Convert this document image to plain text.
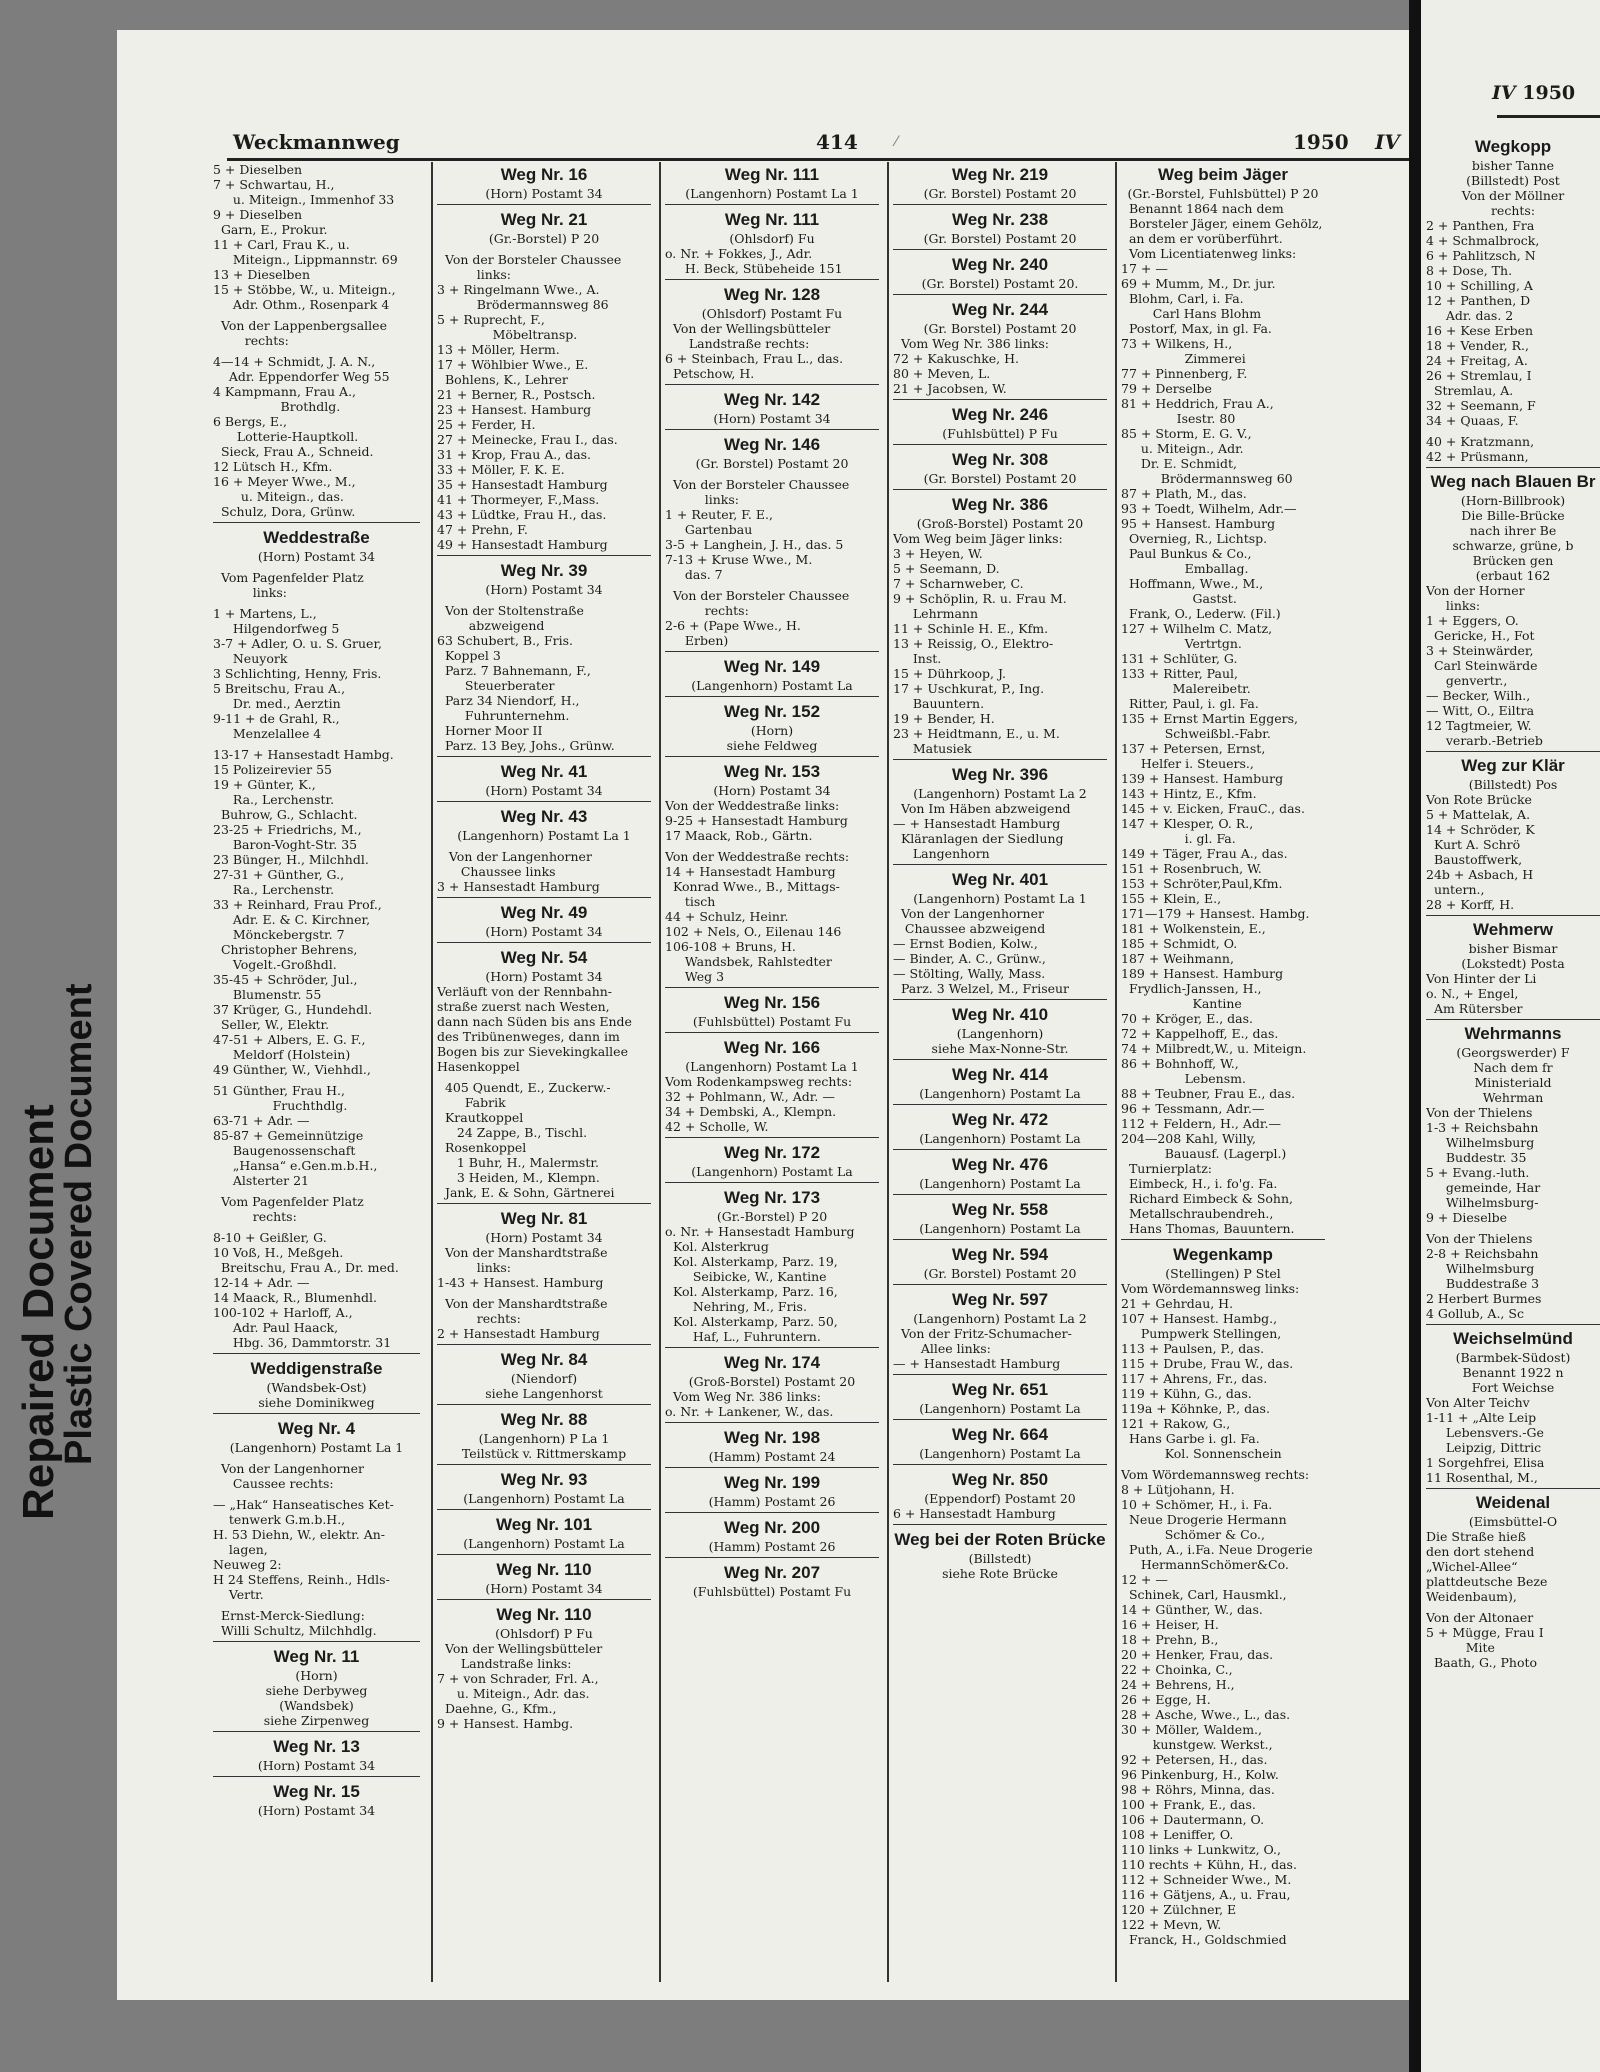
Repaired Document
Plastic Covered Document
Weckmannweg	414	1950 IV
⁄
5 + Dieselben
7 + Schwartau, H.,
u. Miteign., Immenhof 33
9 + Dieselben
Garn, E., Prokur.
11 + Carl, Frau K., u.
Miteign., Lippmannstr. 69
13 + Dieselben
15 + Stöbbe, W., u. Miteign.,
Adr. Othm., Rosenpark 4
Von der Lappenbergsallee
rechts:
4—14 + Schmidt, J. A. N.,
Adr. Eppendorfer Weg 55
4 Kampmann, Frau A.,
Brothdlg.
6 Bergs, E.,
Lotterie-Hauptkoll.
Sieck, Frau A., Schneid.
12 Lütsch H., Kfm.
16 + Meyer Wwe., M.,
u. Miteign., das.
Schulz, Dora, Grünw.
Weddestraße
(Horn) Postamt 34
Vom Pagenfelder Platz
links:
1 + Martens, L.,
Hilgendorfweg 5
3-7 + Adler, O. u. S. Gruer,
Neuyork
3 Schlichting, Henny, Fris.
5 Breitschu, Frau A.,
Dr. med., Aerztin
9-11 + de Grahl, R.,
Menzelallee 4
13-17 + Hansestadt Hambg.
15 Polizeirevier 55
19 + Günter, K.,
Ra., Lerchenstr.
Buhrow, G., Schlacht.
23-25 + Friedrichs, M.,
Baron-Voght-Str. 35
23 Bünger, H., Milchhdl.
27-31 + Günther, G.,
Ra., Lerchenstr.
33 + Reinhard, Frau Prof.,
Adr. E. & C. Kirchner,
Mönckebergstr. 7
Christopher Behrens,
Vogelt.-Großhdl.
35-45 + Schröder, Jul.,
Blumenstr. 55
37 Krüger, G., Hundehdl.
Seller, W., Elektr.
47-51 + Albers, E. G. F.,
Meldorf (Holstein)
49 Günther, W., Viehhdl.,
51 Günther, Frau H.,
Fruchthdlg.
63-71 + Adr. —
85-87 + Gemeinnützige
Baugenossenschaft
„Hansa“ e.Gen.m.b.H.,
Alsterter 21
Vom Pagenfelder Platz
rechts:
8-10 + Geißler, G.
10 Voß, H., Meßgeh.
Breitschu, Frau A., Dr. med.
12-14 + Adr. —
14 Maack, R., Blumenhdl.
100-102 + Harloff, A.,
Adr. Paul Haack,
Hbg. 36, Dammtorstr. 31
Weddigenstraße
(Wandsbek-Ost)
siehe Dominikweg
Weg Nr. 4
(Langenhorn) Postamt La 1
Von der Langenhorner
Caussee rechts:
— „Hak“ Hanseatisches Ket-
tenwerk G.m.b.H.,
H. 53 Diehn, W., elektr. An-
lagen,
Neuweg 2:
H 24 Steffens, Reinh., Hdls-
Vertr.
Ernst-Merck-Siedlung:
Willi Schultz, Milchhdlg.
Weg Nr. 11
(Horn)
siehe Derbyweg
(Wandsbek)
siehe Zirpenweg
Weg Nr. 13
(Horn) Postamt 34
Weg Nr. 15
(Horn) Postamt 34
Weg Nr. 16
(Horn) Postamt 34
Weg Nr. 21
(Gr.-Borstel) P 20
Von der Borsteler Chaussee
links:
3 + Ringelmann Wwe., A.
Brödermannsweg 86
5 + Ruprecht, F.,
Möbeltransp.
13 + Möller, Herm.
17 + Wöhlbier Wwe., E.
Bohlens, K., Lehrer
21 + Berner, R., Postsch.
23 + Hansest. Hamburg
25 + Ferder, H.
27 + Meinecke, Frau I., das.
31 + Krop, Frau A., das.
33 + Möller, F. K. E.
35 + Hansestadt Hamburg
41 + Thormeyer, F.,Mass.
43 + Lüdtke, Frau H., das.
47 + Prehn, F.
49 + Hansestadt Hamburg
Weg Nr. 39
(Horn) Postamt 34
Von der Stoltenstraße
abzweigend
63 Schubert, B., Fris.
Koppel 3
Parz. 7 Bahnemann, F.,
Steuerberater
Parz 34 Niendorf, H.,
Fuhrunternehm.
Horner Moor II
Parz. 13 Bey, Johs., Grünw.
Weg Nr. 41
(Horn) Postamt 34
Weg Nr. 43
(Langenhorn) Postamt La 1
Von der Langenhorner
Chaussee links
3 + Hansestadt Hamburg
Weg Nr. 49
(Horn) Postamt 34
Weg Nr. 54
(Horn) Postamt 34
Verläuft von der Rennbahn-
straße zuerst nach Westen,
dann nach Süden bis ans Ende
des Tribünenweges, dann im
Bogen bis zur Sievekingkallee
Hasenkoppel
405 Quendt, E., Zuckerw.-
Fabrik
Krautkoppel
24 Zappe, B., Tischl.
Rosenkoppel
1 Buhr, H., Malermstr.
3 Heiden, M., Klempn.
Jank, E. & Sohn, Gärtnerei
Weg Nr. 81
(Horn) Postamt 34
Von der Manshardtstraße
links:
1-43 + Hansest. Hamburg
Von der Manshardtstraße
rechts:
2 + Hansestadt Hamburg
Weg Nr. 84
(Niendorf)
siehe Langenhorst
Weg Nr. 88
(Langenhorn) P La 1
Teilstück v. Rittmerskamp
Weg Nr. 93
(Langenhorn) Postamt La
Weg Nr. 101
(Langenhorn) Postamt La
Weg Nr. 110
(Horn) Postamt 34
Weg Nr. 110
(Ohlsdorf) P Fu
Von der Wellingsbütteler
Landstraße links:
7 + von Schrader, Frl. A.,
u. Miteign., Adr. das.
Daehne, G., Kfm.,
9 + Hansest. Hambg.
Weg Nr. 111
(Langenhorn) Postamt La 1
Weg Nr. 111
(Ohlsdorf) Fu
o. Nr. + Fokkes, J., Adr.
H. Beck, Stübeheide 151
Weg Nr. 128
(Ohlsdorf) Postamt Fu
Von der Wellingsbütteler
Landstraße rechts:
6 + Steinbach, Frau L., das.
Petschow, H.
Weg Nr. 142
(Horn) Postamt 34
Weg Nr. 146
(Gr. Borstel) Postamt 20
Von der Borsteler Chaussee
links:
1 + Reuter, F. E.,
Gartenbau
3-5 + Langhein, J. H., das. 5
7-13 + Kruse Wwe., M.
das. 7
Von der Borsteler Chaussee
rechts:
2-6 + (Pape Wwe., H.
Erben)
Weg Nr. 149
(Langenhorn) Postamt La
Weg Nr. 152
(Horn)
siehe Feldweg
Weg Nr. 153
(Horn) Postamt 34
Von der Weddestraße links:
9-25 + Hansestadt Hamburg
17 Maack, Rob., Gärtn.
Von der Weddestraße rechts:
14 + Hansestadt Hamburg
Konrad Wwe., B., Mittags-
tisch
44 + Schulz, Heinr.
102 + Nels, O., Eilenau 146
106-108 + Bruns, H.
Wandsbek, Rahlstedter
Weg 3
Weg Nr. 156
(Fuhlsbüttel) Postamt Fu
Weg Nr. 166
(Langenhorn) Postamt La 1
Vom Rodenkampsweg rechts:
32 + Pohlmann, W., Adr. —
34 + Dembski, A., Klempn.
42 + Scholle, W.
Weg Nr. 172
(Langenhorn) Postamt La
Weg Nr. 173
(Gr.-Borstel) P 20
o. Nr. + Hansestadt Hamburg
Kol. Alsterkrug
Kol. Alsterkamp, Parz. 19,
Seibicke, W., Kantine
Kol. Alsterkamp, Parz. 16,
Nehring, M., Fris.
Kol. Alsterkamp, Parz. 50,
Haf, L., Fuhruntern.
Weg Nr. 174
(Groß-Borstel) Postamt 20
Vom Weg Nr. 386 links:
o. Nr. + Lankener, W., das.
Weg Nr. 198
(Hamm) Postamt 24
Weg Nr. 199
(Hamm) Postamt 26
Weg Nr. 200
(Hamm) Postamt 26
Weg Nr. 207
(Fuhlsbüttel) Postamt Fu
Weg Nr. 219
(Gr. Borstel) Postamt 20
Weg Nr. 238
(Gr. Borstel) Postamt 20
Weg Nr. 240
(Gr. Borstel) Postamt 20.
Weg Nr. 244
(Gr. Borstel) Postamt 20
Vom Weg Nr. 386 links:
72 + Kakuschke, H.
80 + Meven, L.
21 + Jacobsen, W.
Weg Nr. 246
(Fuhlsbüttel) P Fu
Weg Nr. 308
(Gr. Borstel) Postamt 20
Weg Nr. 386
(Groß-Borstel) Postamt 20
Vom Weg beim Jäger links:
3 + Heyen, W.
5 + Seemann, D.
7 + Scharnweber, C.
9 + Schöplin, R. u. Frau M.
Lehrmann
11 + Schinle H. E., Kfm.
13 + Reissig, O., Elektro-
Inst.
15 + Dührkoop, J.
17 + Uschkurat, P., Ing.
Bauuntern.
19 + Bender, H.
23 + Heidtmann, E., u. M.
Matusiek
Weg Nr. 396
(Langenhorn) Postamt La 2
Von Im Häben abzweigend
— + Hansestadt Hamburg
Kläranlagen der Siedlung
Langenhorn
Weg Nr. 401
(Langenhorn) Postamt La 1
Von der Langenhorner
Chaussee abzweigend
— Ernst Bodien, Kolw.,
— Binder, A. C., Grünw.,
— Stölting, Wally, Mass.
Parz. 3 Welzel, M., Friseur
Weg Nr. 410
(Langenhorn)
siehe Max-Nonne-Str.
Weg Nr. 414
(Langenhorn) Postamt La
Weg Nr. 472
(Langenhorn) Postamt La
Weg Nr. 476
(Langenhorn) Postamt La
Weg Nr. 558
(Langenhorn) Postamt La
Weg Nr. 594
(Gr. Borstel) Postamt 20
Weg Nr. 597
(Langenhorn) Postamt La 2
Von der Fritz-Schumacher-
Allee links:
— + Hansestadt Hamburg
Weg Nr. 651
(Langenhorn) Postamt La
Weg Nr. 664
(Langenhorn) Postamt La
Weg Nr. 850
(Eppendorf) Postamt 20
6 + Hansestadt Hamburg
Weg bei der Roten Brücke
(Billstedt)
siehe Rote Brücke
Weg beim Jäger
(Gr.-Borstel, Fuhlsbüttel) P 20
Benannt 1864 nach dem
Borsteler Jäger, einem Gehölz,
an dem er vorüberführt.
Vom Licentiatenweg links:
17 + —
69 + Mumm, M., Dr. jur.
Blohm, Carl, i. Fa.
Carl Hans Blohm
Postorf, Max, in gl. Fa.
73 + Wilkens, H.,
Zimmerei
77 + Pinnenberg, F.
79 + Derselbe
81 + Heddrich, Frau A.,
Isestr. 80
85 + Storm, E. G. V.,
u. Miteign., Adr.
Dr. E. Schmidt,
Brödermannsweg 60
87 + Plath, M., das.
93 + Toedt, Wilhelm, Adr.—
95 + Hansest. Hamburg
Overnieg, R., Lichtsp.
Paul Bunkus & Co.,
Emballag.
Hoffmann, Wwe., M.,
Gastst.
Frank, O., Lederw. (Fil.)
127 + Wilhelm C. Matz,
Vertrtgn.
131 + Schlüter, G.
133 + Ritter, Paul,
Malereibetr.
Ritter, Paul, i. gl. Fa.
135 + Ernst Martin Eggers,
Schweißbl.-Fabr.
137 + Petersen, Ernst,
Helfer i. Steuers.,
139 + Hansest. Hamburg
143 + Hintz, E., Kfm.
145 + v. Eicken, FrauC., das.
147 + Klesper, O. R.,
i. gl. Fa.
149 + Täger, Frau A., das.
151 + Rosenbruch, W.
153 + Schröter,Paul,Kfm.
155 + Klein, E.,
171—179 + Hansest. Hambg.
181 + Wolkenstein, E.,
185 + Schmidt, O.
187 + Weihmann,
189 + Hansest. Hamburg
Frydlich-Janssen, H.,
Kantine
70 + Kröger, E., das.
72 + Kappelhoff, E., das.
74 + Milbredt,W., u. Miteign.
86 + Bohnhoff, W.,
Lebensm.
88 + Teubner, Frau E., das.
96 + Tessmann, Adr.—
112 + Feldern, H., Adr.—
204—208 Kahl, Willy,
Bauausf. (Lagerpl.)
Turnierplatz:
Eimbeck, H., i. fo'g. Fa.
Richard Eimbeck & Sohn,
Metallschraubendreh.,
Hans Thomas, Bauuntern.
Wegenkamp
(Stellingen) P Stel
Vom Wördemannsweg links:
21 + Gehrdau, H.
107 + Hansest. Hambg.,
Pumpwerk Stellingen,
113 + Paulsen, P., das.
115 + Drube, Frau W., das.
117 + Ahrens, Fr., das.
119 + Kühn, G., das.
119a + Köhnke, P., das.
121 + Rakow, G.,
Hans Garbe i. gl. Fa.
Kol. Sonnenschein
Vom Wördemannsweg rechts:
8 + Lütjohann, H.
10 + Schömer, H., i. Fa.
Neue Drogerie Hermann
Schömer & Co.,
Puth, A., i.Fa. Neue Drogerie
HermannSchömer&Co.
12 + —
Schinek, Carl, Hausmkl.,
14 + Günther, W., das.
16 + Heiser, H.
18 + Prehn, B.,
20 + Henker, Frau, das.
22 + Choinka, C.,
24 + Behrens, H.,
26 + Egge, H.
28 + Asche, Wwe., L., das.
30 + Möller, Waldem.,
kunstgew. Werkst.,
92 + Petersen, H., das.
96 Pinkenburg, H., Kolw.
98 + Röhrs, Minna, das.
100 + Frank, E., das.
106 + Dautermann, O.
108 + Leniffer, O.
110 links + Lunkwitz, O.,
110 rechts + Kühn, H., das.
112 + Schneider Wwe., M.
116 + Gätjens, A., u. Frau,
120 + Zülchner, E
122 + Mevn, W.
Franck, H., Goldschmied
IV 1950
Wegkopp
bisher Tanne
(Billstedt) Post
Von der Möllner
rechts:
2 + Panthen, Fra
4 + Schmalbrock,
6 + Pahlitzsch, N
8 + Dose, Th.
10 + Schilling, A
12 + Panthen, D
Adr. das. 2
16 + Kese Erben
18 + Vender, R.,
24 + Freitag, A.
26 + Stremlau, I
Stremlau, A.
32 + Seemann, F
34 + Quaas, F.
40 + Kratzmann,
42 + Prüsmann,
Weg nach Blauen Br
(Horn-Billbrook)
Die Bille-Brücke
nach ihrer Be
schwarze, grüne, b
Brücken gen
(erbaut 162
Von der Horner
links:
1 + Eggers, O.
Gericke, H., Fot
3 + Steinwärder,
Carl Steinwärde
genvertr.,
— Becker, Wilh.,
— Witt, O., Eiltra
12 Tagtmeier, W.
verarb.-Betrieb
Weg zur Klär
(Billstedt) Pos
Von Rote Brücke
5 + Mattelak, A.
14 + Schröder, K
Kurt A. Schrö
Baustoffwerk,
24b + Asbach, H
untern.,
28 + Korff, H.
Wehmerw
bisher Bismar
(Lokstedt) Posta
Von Hinter der Li
o. N., + Engel,
Am Rütersber
Wehrmanns
(Georgswerder) F
Nach dem fr
Ministeriald
Wehrman
Von der Thielens
1-3 + Reichsbahn
Wilhelmsburg
Buddestr. 35
5 + Evang.-luth.
gemeinde, Har
Wilhelmsburg-
9 + Dieselbe
Von der Thielens
2-8 + Reichsbahn
Wilhelmsburg
Buddestraße 3
2 Herbert Burmes
4 Gollub, A., Sc
Weichselmünd
(Barmbek-Südost)
Benannt 1922 n
Fort Weichse
Von Alter Teichv
1-11 + „Alte Leip
Lebensvers.-Ge
Leipzig, Dittric
1 Sorgehfrei, Elisa
11 Rosenthal, M.,
Weidenal
(Eimsbüttel-O
Die Straße hieß
den dort stehend
„Wichel-Allee“
plattdeutsche Beze
Weidenbaum),
Von der Altonaer
5 + Mügge, Frau I
Mite
Baath, G., Photo
